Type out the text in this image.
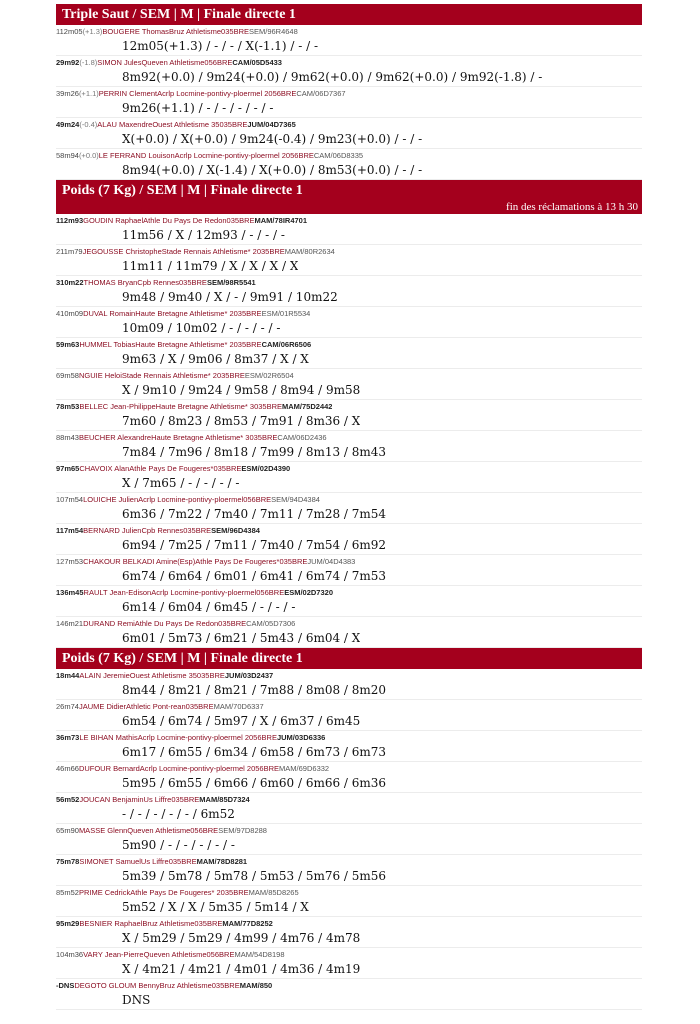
Triple Saut / SEM | M | Finale directe 1
112m05(+1.3)BOUGERE ThomasBruz Athletisme035BRESEM/96R4648
12m05(+1.3) / - / - / X(-1.1) / - / -
29m92(-1.8)SIMON JulesQueven Athletisme056BRECAM/05D5433
8m92(+0.0) / 9m24(+0.0) / 9m62(+0.0) / 9m62(+0.0) / 9m92(-1.8) / -
39m26(+1.1)PERRIN ClementAcrlp Locmine-pontivy-ploermel 2056BRECAM/06D7367
9m26(+1.1) / - / - / - / - / -
49m24(-0.4)ALAU MaxendreOuest Athletisme 35035BREJUM/04D7365
X(+0.0) / X(+0.0) / 9m24(-0.4) / 9m23(+0.0) / - / -
58m94(+0.0)LE FERRAND LouisonAcrlp Locmine-pontivy-ploermel 2056BRECAM/06D8335
8m94(+0.0) / X(-1.4) / X(+0.0) / 8m53(+0.0) / - / -
Poids (7 Kg) / SEM | M | Finale directe 1
fin des réclamations à 13 h 30
112m93GOUDIN RaphaelAthle Du Pays De Redon035BREMAM/78IR4701
11m56 / X / 12m93 / - / - / -
211m79JEGOUSSE ChristopheStade Rennais Athletisme* 2035BREMAM/80R2634
11m11 / 11m79 / X / X / X / X
310m22THOMAS BryanCpb Rennes035BRESEM/98R5541
9m48 / 9m40 / X / - / 9m91 / 10m22
410m09DUVAL RomainHaute Bretagne Athletisme* 2035BREESM/01R5534
10m09 / 10m02 / - / - / - / -
59m63HUMMEL TobiasHaute Bretagne Athletisme* 2035BRECAM/06R6506
9m63 / X / 9m06 / 8m37 / X / X
69m58NGUIE HeloiStade Rennais Athletisme* 2035BREESM/02R6504
X / 9m10 / 9m24 / 9m58 / 8m94 / 9m58
78m53BELLEC Jean-PhilippeHaute Bretagne Athletisme* 3035BREMAM/75D2442
7m60 / 8m23 / 8m53 / 7m91 / 8m36 / X
88m43BEUCHER AlexandreHaute Bretagne Athletisme* 3035BRECAM/06D2436
7m84 / 7m96 / 8m18 / 7m99 / 8m13 / 8m43
97m65CHAVOIX AlanAthle Pays De Fougeres*035BREESM/02D4390
X / 7m65 / - / - / - / -
107m54LOUICHE JulienAcrlp Locmine-pontivy-ploermel056BRESEM/94D4384
6m36 / 7m22 / 7m40 / 7m11 / 7m28 / 7m54
117m54BERNARD JulienCpb Rennes035BRESEM/96D4384
6m94 / 7m25 / 7m11 / 7m40 / 7m54 / 6m92
127m53CHAKOUR BELKADI Amine(Esp)Athle Pays De Fougeres*035BREJUM/04D4383
6m74 / 6m64 / 6m01 / 6m41 / 6m74 / 7m53
136m45RAULT Jean-EdisonAcrlp Locmine-pontivy-ploermel056BREESM/02D7320
6m14 / 6m04 / 6m45 / - / - / -
146m21DURAND RemiAthle Du Pays De Redon035BRECAM/05D7306
6m01 / 5m73 / 6m21 / 5m43 / 6m04 / X
Poids (7 Kg) / SEM | M | Finale directe 1
18m44ALAIN JeremieOuest Athletisme 35035BREJUM/03D2437
8m44 / 8m21 / 8m21 / 7m88 / 8m08 / 8m20
26m74JAUME DidierAthletic Pont-rean035BREMAM/70D6337
6m54 / 6m74 / 5m97 / X / 6m37 / 6m45
36m73LE BIHAN MathisAcrlp Locmine-pontivy-ploermel 2056BREJUM/03D6336
6m17 / 6m55 / 6m34 / 6m58 / 6m73 / 6m73
46m66DUFOUR BernardAcrlp Locmine-pontivy-ploermel 2056BREMAM/69D6332
5m95 / 6m55 / 6m66 / 6m60 / 6m66 / 6m36
56m52JOUCAN BenjaminUs Liffre035BREMAM/85D7324
- / - / - / - / - / 6m52
65m90MASSE GlennQueven Athletisme056BRESEM/97D8288
5m90 / - / - / - / - / -
75m78SIMONET SamuelUs Liffre035BREMAM/78D8281
5m39 / 5m78 / 5m78 / 5m53 / 5m76 / 5m56
85m52PRIME CedrickAthle Pays De Fougeres* 2035BREMAM/85D8265
5m52 / X / X / 5m35 / 5m14 / X
95m29BESNIER RaphaelBruz Athletisme035BREMAM/77D8252
X / 5m29 / 5m29 / 4m99 / 4m76 / 4m78
104m36VARY Jean-PierreQueven Athletisme056BREMAM/54D8198
X / 4m21 / 4m21 / 4m01 / 4m36 / 4m19
-DNSDEGOTO GLOUM BennyBruz Athletisme035BREMAM/850
DNS
